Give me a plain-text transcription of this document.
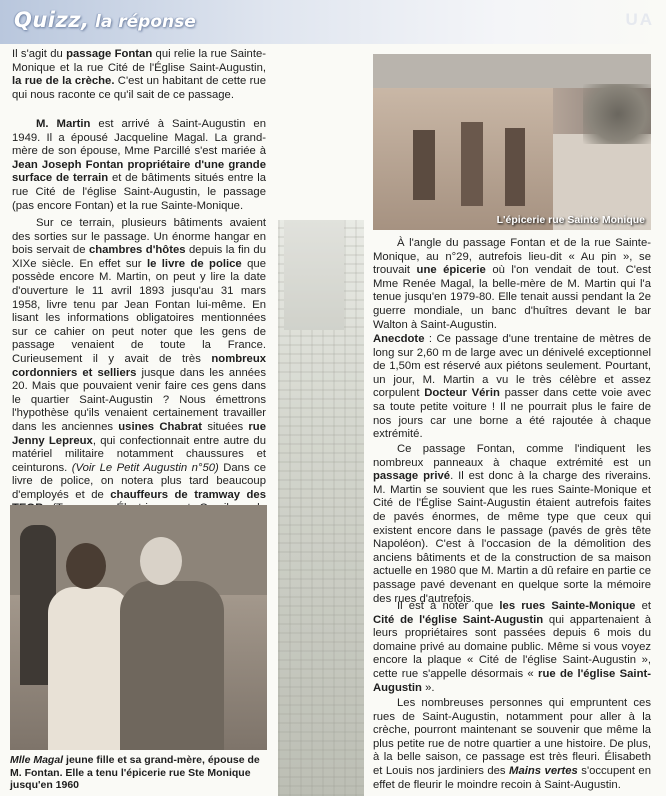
Quizz, la réponse	UA

Il s'agit du passage Fontan qui relie la rue Sainte-Monique et la rue Cité de l'Église Saint-Augustin, la rue de la crèche. C'est un habitant de cette rue qui nous raconte ce qu'il sait de ce passage.

M. Martin est arrivé à Saint-Augustin en 1949. Il a épousé Jacqueline Magal. La grand-mère de son épouse, Mme Parcillé s'est mariée à Jean Joseph Fontan propriétaire d'une grande surface de terrain et de bâtiments situés entre la rue Cité de l'église Saint-Augustin, le passage (pas encore Fontan) et la rue Sainte-Monique.

Sur ce terrain, plusieurs bâtiments avaient des sorties sur le passage. Un énorme hangar en bois servait de chambres d'hôtes depuis la fin du XIXe siècle. En effet sur le livre de police que possède encore M. Martin, on peut y lire la date d'ouverture le 11 avril 1893 jusqu'au 31 mars 1958, livre tenu par Jean Fontan lui-même. En lisant les informations obligatoires mentionnées sur ce cahier on peut noter que les gens de passage venaient de toute la France. Curieusement il y avait de très nombreux cordonniers et selliers jusque dans les années 20. Mais que pouvaient venir faire ces gens dans le quartier Saint-Augustin ? Nous émettrons l'hypothèse qu'ils venaient certainement travailler dans les anciennes usines Chabrat situées rue Jenny Lepreux, qui confectionnait entre autre du matériel militaire notamment chaussures et ceinturons. (Voir Le Petit Augustin n°50) Dans ce livre de police, on notera plus tard beaucoup d'employés et de chauffeurs de tramway des

Mlle Magal jeune fille et sa grand-mère, épouse de M. Fontan. Elle a tenu l'épicerie rue Ste Monique jusqu'en 1960

L'épicerie rue Sainte Monique

À l'angle du passage Fontan et de la rue Sainte-Monique, au n°29, autrefois lieu-dit « Au pin », se trouvait une épicerie où l'on vendait de tout. C'est Mme Renée Magal, la belle-mère de M. Martin qui l'a tenue jusqu'en 1979-80. Elle tenait aussi pendant la 2e guerre mondiale, un banc d'huîtres devant le bar Walton à Saint-Augustin.

Anecdote : Ce passage d'une trentaine de mètres de long sur 2,60 m de large avec un dénivelé exceptionnel de 1,50m est réservé aux piétons seulement. Pourtant, un jour, M. Martin a vu le très célèbre et assez corpulent Docteur Vérin passer dans cette voie avec sa toute petite voiture ! Il ne pourrait plus le faire de nos jours car une borne a été rajoutée à chaque extrémité.

Ce passage Fontan, comme l'indiquent les nombreux panneaux à chaque extrémité est un passage privé. Il est donc à la charge des riverains. M. Martin se souvient que les rues Sainte-Monique et Cité de l'Église Saint-Augustin étaient autrefois faites de pavés énormes, de même type que ceux qui existent encore dans le passage (pavés de grès tête Napoléon). C'est à l'occasion de la démolition des anciens bâtiments et de la construction de sa maison actuelle en 1980 que M. Martin a dû refaire en partie ce passage pavé devenant en quelque sorte la mémoire des rues d'autrefois.

Il est à noter que les rues Sainte-Monique et Cité de l'église Saint-Augustin qui appartenaient à leurs propriétaires sont passées depuis 6 mois du domaine privé au domaine public. Même si vous voyez encore la plaque « Cité de l'église Saint-Augustin », cette rue s'appelle désormais « rue de l'église Saint-Augustin ».

Les nombreuses personnes qui empruntent ces rues de Saint-Augustin, notamment pour aller à la crèche, pourront maintenant se souvenir que même la plus petite rue de notre quartier a une histoire. De plus, à la belle saison, ce passage est très fleuri. Élisabeth et Louis nos jardiniers des Mains vertes s'occupent en effet de fleurir le moindre recoin à Saint-Augustin.
